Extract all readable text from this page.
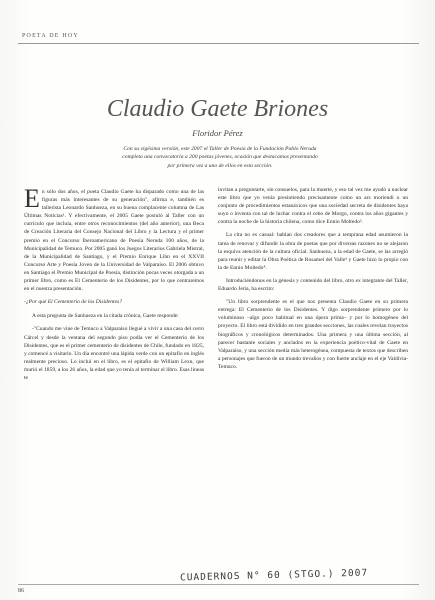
POETA DE HOY
Claudio Gaete Briones
Floridor Pérez
Con su vigésima versión, este 2007 el Taller de Poesía de la Fundación Pablo Neruda completa una convocatoria a 200 poetas jóvenes, ocasión que destacamos presentando por primera vez a uno de ellos en esta sección.

En sólo dos años, el poeta Claudio Gaete ha disparado como una de las figuras más interesantes de su generación", afirma e, también es tallerista Leonardo Sanhueza, en su buena complacente columna de Las Últimas Noticias¹. Y efectivamente, el 2005 Gaete postuló al Taller con un currículo que incluía, entre otros reconocimientos (del año anterior), una Beca de Creación Literaria del Consejo Nacional del Libro y la Lectura y el primer premio en el Concurso Iberoamericano de Poesía Neruda 100 años, de la Municipalidad de Temuco. Por 2005 ganó los Juegos Literarios Gabriela Mistral, de la Municipalidad de Santiago, y el Premio Enrique Lihn en el XXVII Concurso Arte y Poesía Joven de la Universidad de Valparaíso. El 2006 obtuvo en Santiago el Premio Municipal de Poesía, distinción pocas veces otorgada a un primer libro, como es El Cementerio de los Disidentes, por lo que centraremos en el nuestra presentación.

-¿Por qué El Cementerio de los Disidentes?

A esta pregunta de Sanhueza en la citada crónica, Gaete responde:

-"Cuando me vine de Temuco a Valparaíso llegué a vivir a una casa del cerro Cárcel y desde la ventana del segundo piso podía ver el Cementerio de los Disidentes, que es el primer cementerio de disidentes de Chile, fundado en 1825, y comencé a visitarlo. Un día encontré una lápida verde con un epitafio en inglés realmente precioso. Lo incluí en el libro, es el epitafio de William Lexn, que murió el 1859, a los 26 años, la edad que yo tenía al terminar el libro. Esas lineas te

invitan a preguntarte, sin consuelos, para la muerte, y eso tal vez me ayudó a nuclear este libro que yo venía presintiendo precisamente como un ars moriendi o un conjunto de procedimientos estanáxicos que una sociedad secreta de disidentes haya suyo o inventa con tal de luchar contra el cebo de Morgo, contra los años gigantes y contra la noche de la historia chilena, como dice Ennio Moltedo².

La cita no es casual: hablan dos creadores que a temprana edad asumieron la tarea de renovar y difundir la obra de poetas que por diversas razones no se alejaron la esquiva atención de la cultura oficial. Sanhueza, a la edad de Gaete, se las arregló para reunir y editar la Obra Poética de Rosamel del Valle³ y Gaete hizo lo propio con la de Ennio Moltedo⁴.

Introduciéndonos en la génesis y contenido del libro, otro ex integrante del Taller, Eduardo Jeria, ha escrito:

"Un libro sorprendente es el que nos presenta Claudio Gaete en su primera entrega: El Cementerio de los Disidentes. Y digo sorprendente primero por lo voluminoso –algo poco habitual en una ópera prima– y por lo homogéneo del proyecto. El libro está dividido en tres grandes secciones, las cuales revelan trayectos biográficos y cronológicos determinados. Una primera y una última sección, al parecer bastante sociales y anclados en la experiencia poético-vital de Gaete en Valparaíso, y una sección media más heterogénea, compuesta de textos que describen a personajes que fueron de un mundo trevaños y con fuerte anclaje en el eje Valdivia-Temuco.

86
CUADERNOS N° 60 (STGO.) 2007
